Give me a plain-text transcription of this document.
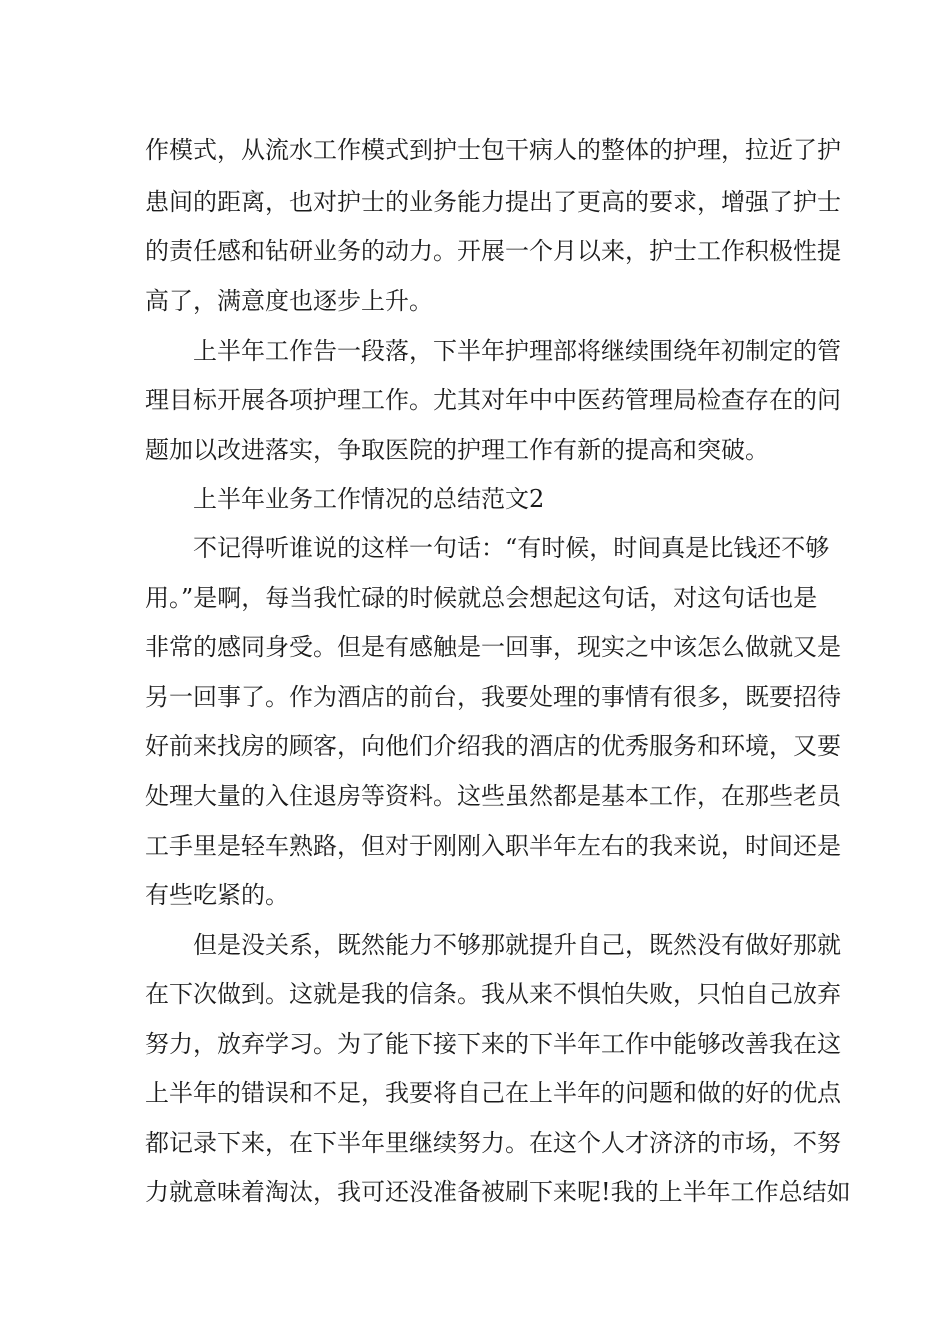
作模式，从流水工作模式到护士包干病人的整体的护理，拉近了护
患间的距离，也对护士的业务能力提出了更高的要求，增强了护士
的责任感和钻研业务的动力。开展一个月以来，护士工作积极性提
高了，满意度也逐步上升。
上半年工作告一段落，下半年护理部将继续围绕年初制定的管
理目标开展各项护理工作。尤其对年中中医药管理局检查存在的问
题加以改进落实，争取医院的护理工作有新的提高和突破。
上半年业务工作情况的总结范文2
不记得听谁说的这样一句话：“有时候，时间真是比钱还不够
用。”是啊，每当我忙碌的时候就总会想起这句话，对这句话也是
非常的感同身受。但是有感触是一回事，现实之中该怎么做就又是
另一回事了。作为酒店的前台，我要处理的事情有很多，既要招待
好前来找房的顾客，向他们介绍我的酒店的优秀服务和环境，又要
处理大量的入住退房等资料。这些虽然都是基本工作，在那些老员
工手里是轻车熟路，但对于刚刚入职半年左右的我来说，时间还是
有些吃紧的。
但是没关系，既然能力不够那就提升自己，既然没有做好那就
在下次做到。这就是我的信条。我从来不惧怕失败，只怕自己放弃
努力，放弃学习。为了能下接下来的下半年工作中能够改善我在这
上半年的错误和不足，我要将自己在上半年的问题和做的好的优点
都记录下来，在下半年里继续努力。在这个人才济济的市场，不努
力就意味着淘汰，我可还没准备被刷下来呢!我的上半年工作总结如
